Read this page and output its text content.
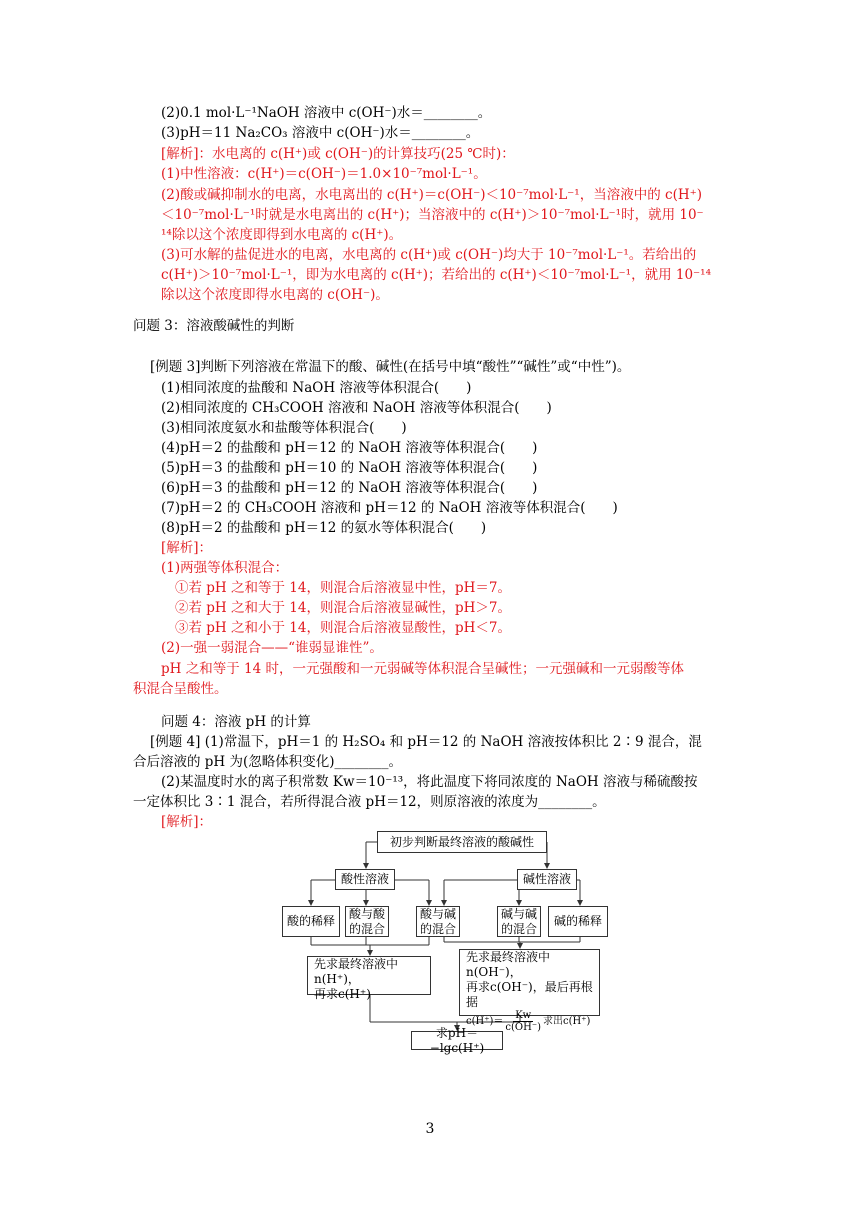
(2)0.1 mol·L⁻¹NaOH 溶液中 c(OH⁻)水＝________。
(3)pH＝11 Na₂CO₃ 溶液中 c(OH⁻)水＝________。
[解析]：水电离的 c(H⁺)或 c(OH⁻)的计算技巧(25 ℃时)：
(1)中性溶液：c(H⁺)＝c(OH⁻)＝1.0×10⁻⁷mol·L⁻¹。
(2)酸或碱抑制水的电离，水电离出的 c(H⁺)＝c(OH⁻)＜10⁻⁷mol·L⁻¹，当溶液中的 c(H⁺)
＜10⁻⁷mol·L⁻¹时就是水电离出的 c(H⁺)；当溶液中的 c(H⁺)＞10⁻⁷mol·L⁻¹时，就用 10⁻
¹⁴除以这个浓度即得到水电离的 c(H⁺)。
(3)可水解的盐促进水的电离，水电离的 c(H⁺)或 c(OH⁻)均大于 10⁻⁷mol·L⁻¹。若给出的
c(H⁺)＞10⁻⁷mol·L⁻¹，即为水电离的 c(H⁺)；若给出的 c(H⁺)＜10⁻⁷mol·L⁻¹，就用 10⁻¹⁴
除以这个浓度即得水电离的 c(OH⁻)。
问题 3：溶液酸碱性的判断
[例题 3]判断下列溶液在常温下的酸、碱性(在括号中填“酸性”“碱性”或“中性”)。
(1)相同浓度的盐酸和 NaOH 溶液等体积混合(　　)
(2)相同浓度的 CH₃COOH 溶液和 NaOH 溶液等体积混合(　　)
(3)相同浓度氨水和盐酸等体积混合(　　)
(4)pH＝2 的盐酸和 pH＝12 的 NaOH 溶液等体积混合(　　)
(5)pH＝3 的盐酸和 pH＝10 的 NaOH 溶液等体积混合(　　)
(6)pH＝3 的盐酸和 pH＝12 的 NaOH 溶液等体积混合(　　)
(7)pH＝2 的 CH₃COOH 溶液和 pH＝12 的 NaOH 溶液等体积混合(　　)
(8)pH＝2 的盐酸和 pH＝12 的氨水等体积混合(　　)
[解析]：
(1)两强等体积混合：
①若 pH 之和等于 14，则混合后溶液显中性，pH＝7。
②若 pH 之和大于 14，则混合后溶液显碱性，pH＞7。
③若 pH 之和小于 14，则混合后溶液显酸性，pH＜7。
(2)一强一弱混合——“谁弱显谁性”。
pH 之和等于 14 时，一元强酸和一元弱碱等体积混合呈碱性；一元强碱和一元弱酸等体
积混合呈酸性。
问题 4：溶液 pH 的计算
[例题 4] (1)常温下，pH＝1 的 H₂SO₄ 和 pH＝12 的 NaOH 溶液按体积比 2∶9 混合，混
合后溶液的 pH 为(忽略体积变化)________。
(2)某温度时水的离子积常数 Kw＝10⁻¹³，将此温度下将同浓度的 NaOH 溶液与稀硫酸按
一定体积比 3∶1 混合，若所得混合液 pH＝12，则原溶液的浓度为________。
[解析]：
初步判断最终溶液的酸碱性
酸性溶液	碱性溶液
酸的稀释
酸与酸
的混合
酸与碱
的混合
碱与碱
的混合
碱的稀释
先求最终溶液中n(H⁺)，
再求c(H⁺)
先求最终溶液中n(OH⁻)，
再求c(OH⁻)，最后再根据
$c(H^+)= \frac{Kw}{c(OH^-)}$ 求出c(H⁺)
求pH＝−lgc(H⁺)
3
